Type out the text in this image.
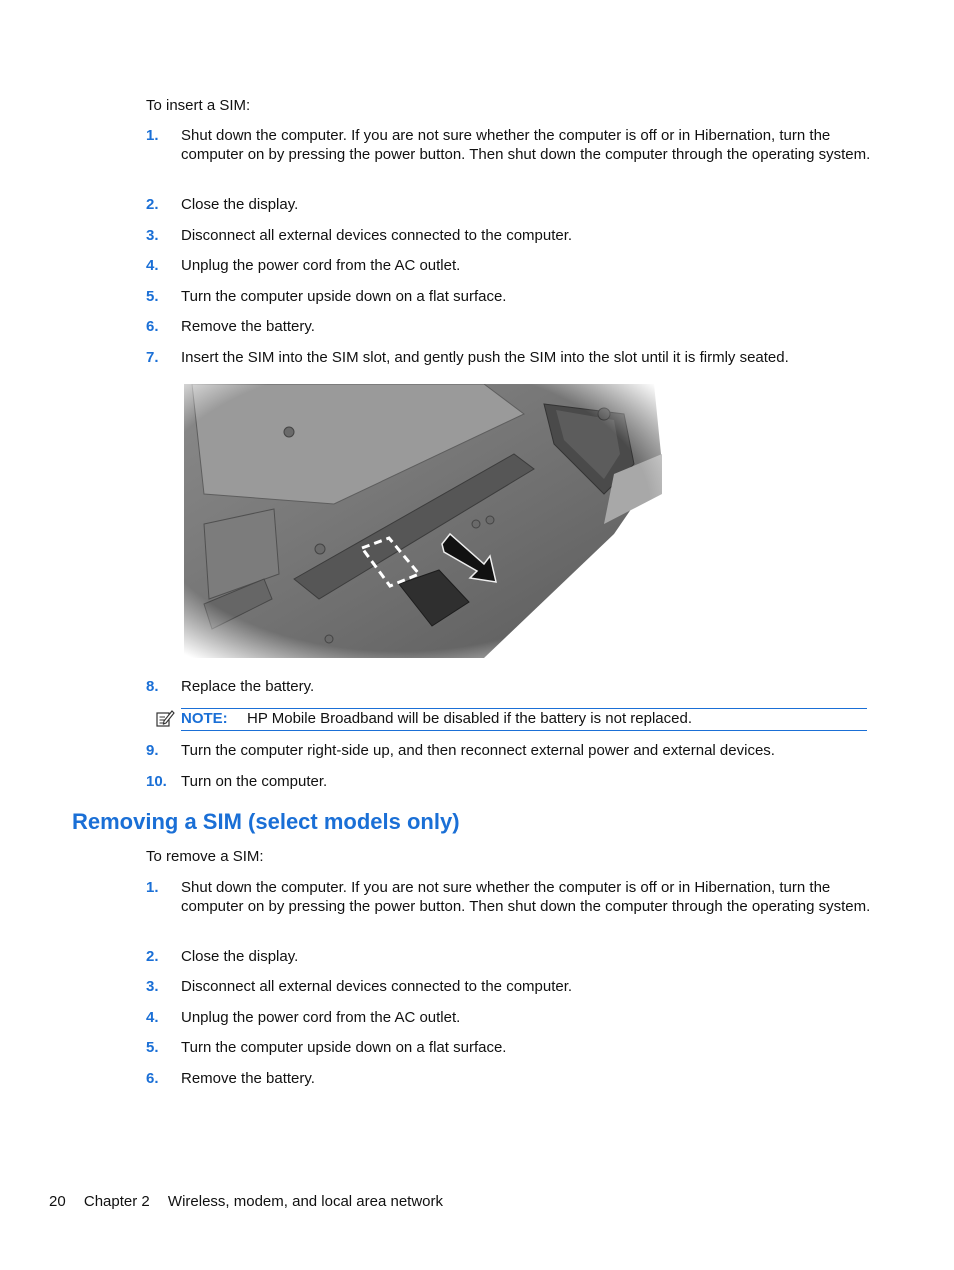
To insert a SIM:
1. Shut down the computer. If you are not sure whether the computer is off or in Hibernation, turn the computer on by pressing the power button. Then shut down the computer through the operating system.
2. Close the display.
3. Disconnect all external devices connected to the computer.
4. Unplug the power cord from the AC outlet.
5. Turn the computer upside down on a flat surface.
6. Remove the battery.
7. Insert the SIM into the SIM slot, and gently push the SIM into the slot until it is firmly seated.
8. Replace the battery.
NOTE: HP Mobile Broadband will be disabled if the battery is not replaced.
9. Turn the computer right-side up, and then reconnect external power and external devices.
10. Turn on the computer.
Removing a SIM (select models only)
To remove a SIM:
1. Shut down the computer. If you are not sure whether the computer is off or in Hibernation, turn the computer on by pressing the power button. Then shut down the computer through the operating system.
2. Close the display.
3. Disconnect all external devices connected to the computer.
4. Unplug the power cord from the AC outlet.
5. Turn the computer upside down on a flat surface.
6. Remove the battery.
20 Chapter 2 Wireless, modem, and local area network
